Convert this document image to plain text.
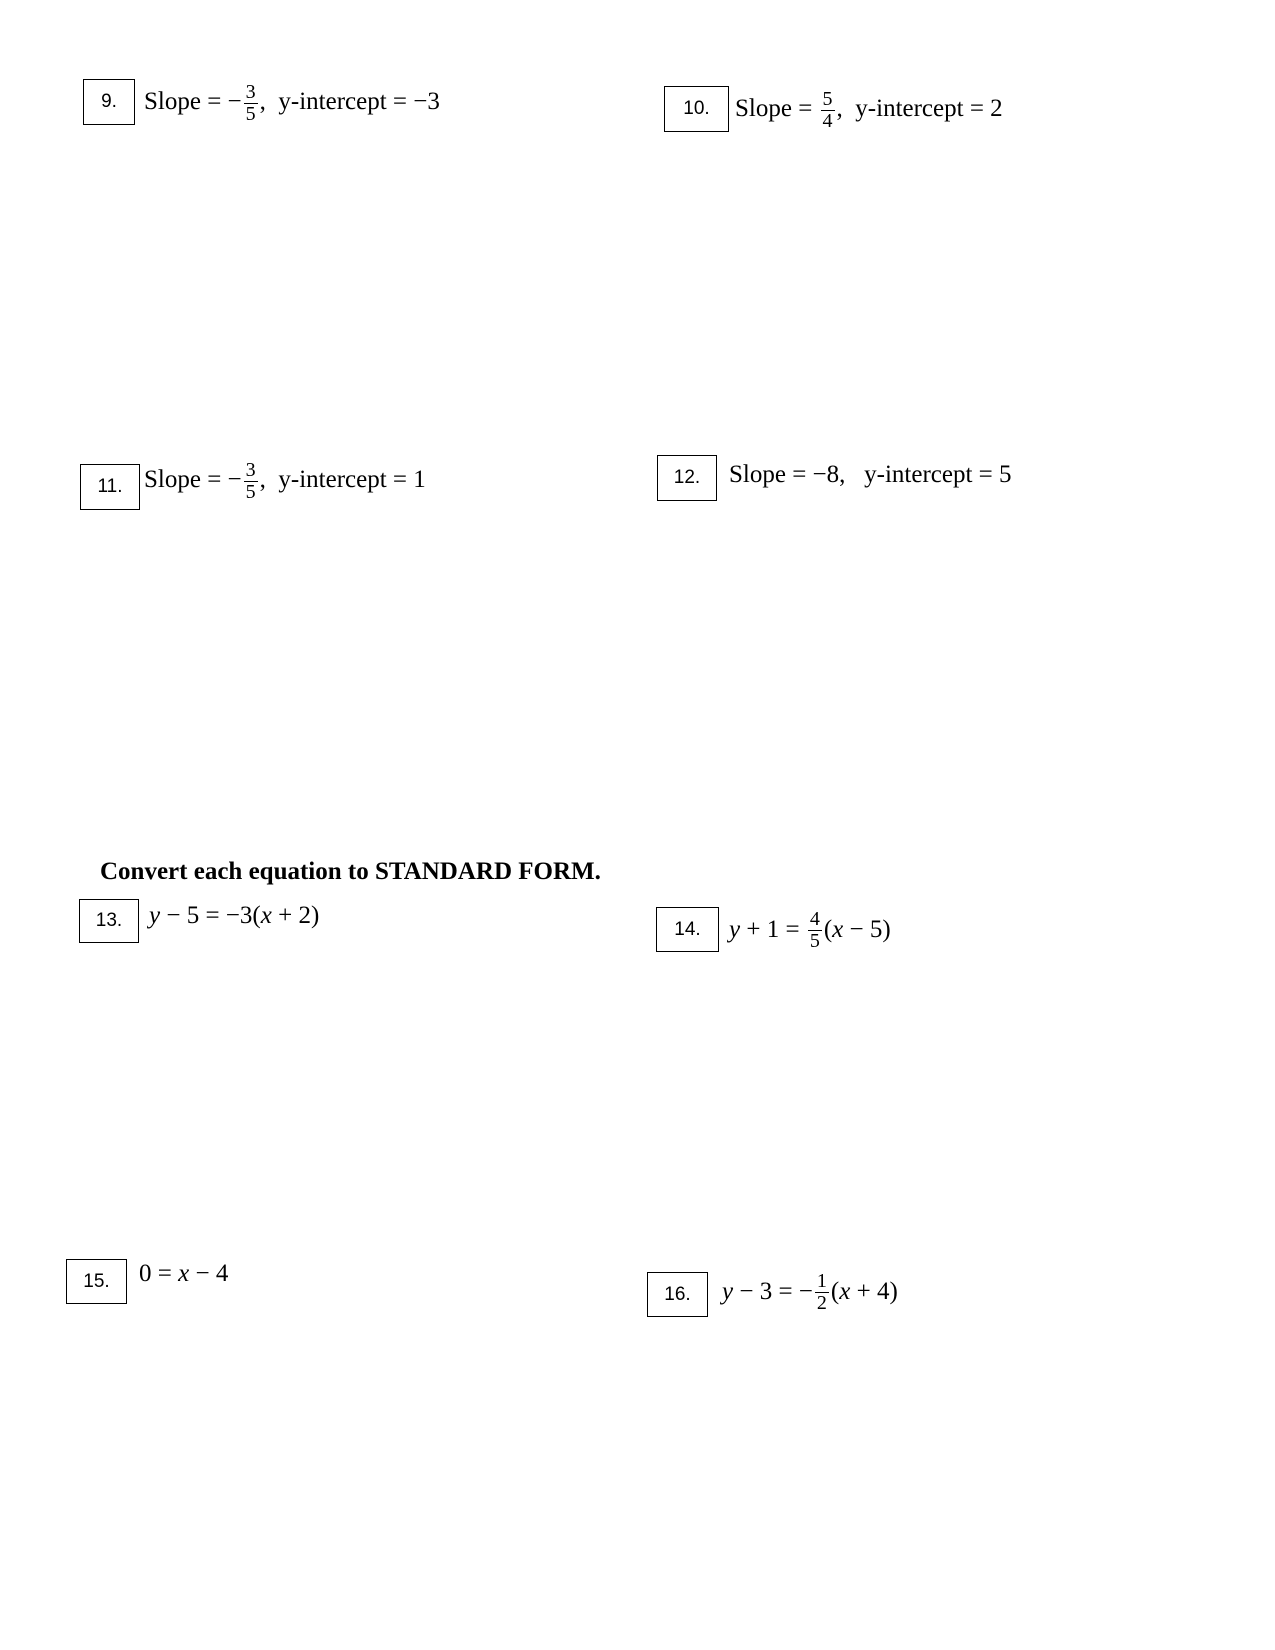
9. Slope = − $\frac{3}{5}$ ,  y-intercept = −3	10. Slope = $\frac{5}{4}$ ,  y-intercept = 2
11. Slope = − $\frac{3}{5}$ ,  y-intercept = 1	12. Slope = −8,   y-intercept = 5
Convert each equation to STANDARD FORM.
13. y − 5 = −3( x + 2)	14. $y + 1 = \frac{4}{5}$ ( x − 5)
15. 0 = x − 4
16. y − 3 = − $\frac{1}{2}$ ( x + 4)
